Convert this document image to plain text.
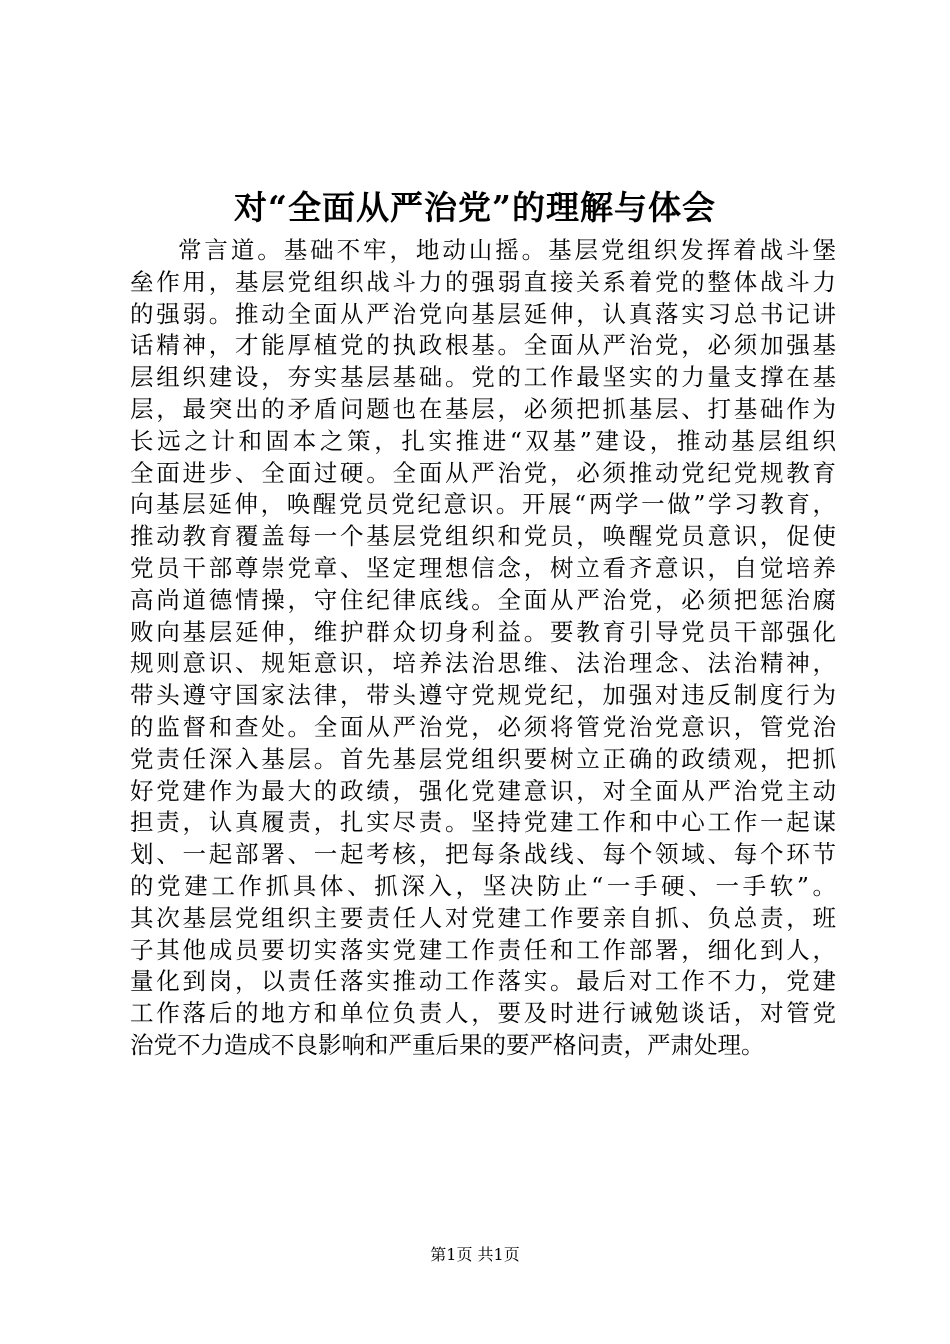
对“全面从严治党”的理解与体会
常言道。基础不牢，地动山摇。基层党组织发挥着战斗堡
垒作用，基层党组织战斗力的强弱直接关系着党的整体战斗力
的强弱。推动全面从严治党向基层延伸，认真落实习总书记讲
话精神，才能厚植党的执政根基。全面从严治党，必须加强基
层组织建设，夯实基层基础。党的工作最坚实的力量支撑在基
层，最突出的矛盾问题也在基层，必须把抓基层、打基础作为
长远之计和固本之策，扎实推进“双基”建设，推动基层组织
全面进步、全面过硬。全面从严治党，必须推动党纪党规教育
向基层延伸，唤醒党员党纪意识。开展“两学一做”学习教育，
推动教育覆盖每一个基层党组织和党员，唤醒党员意识，促使
党员干部尊崇党章、坚定理想信念，树立看齐意识，自觉培养
高尚道德情操，守住纪律底线。全面从严治党，必须把惩治腐
败向基层延伸，维护群众切身利益。要教育引导党员干部强化
规则意识、规矩意识，培养法治思维、法治理念、法治精神，
带头遵守国家法律，带头遵守党规党纪，加强对违反制度行为
的监督和查处。全面从严治党，必须将管党治党意识，管党治
党责任深入基层。首先基层党组织要树立正确的政绩观，把抓
好党建作为最大的政绩，强化党建意识，对全面从严治党主动
担责，认真履责，扎实尽责。坚持党建工作和中心工作一起谋
划、一起部署、一起考核，把每条战线、每个领域、每个环节
的党建工作抓具体、抓深入，坚决防止“一手硬、一手软”。
其次基层党组织主要责任人对党建工作要亲自抓、负总责，班
子其他成员要切实落实党建工作责任和工作部署，细化到人，
量化到岗，以责任落实推动工作落实。最后对工作不力，党建
工作落后的地方和单位负责人，要及时进行诫勉谈话，对管党
治党不力造成不良影响和严重后果的要严格问责，严肃处理。
第1页 共1页
